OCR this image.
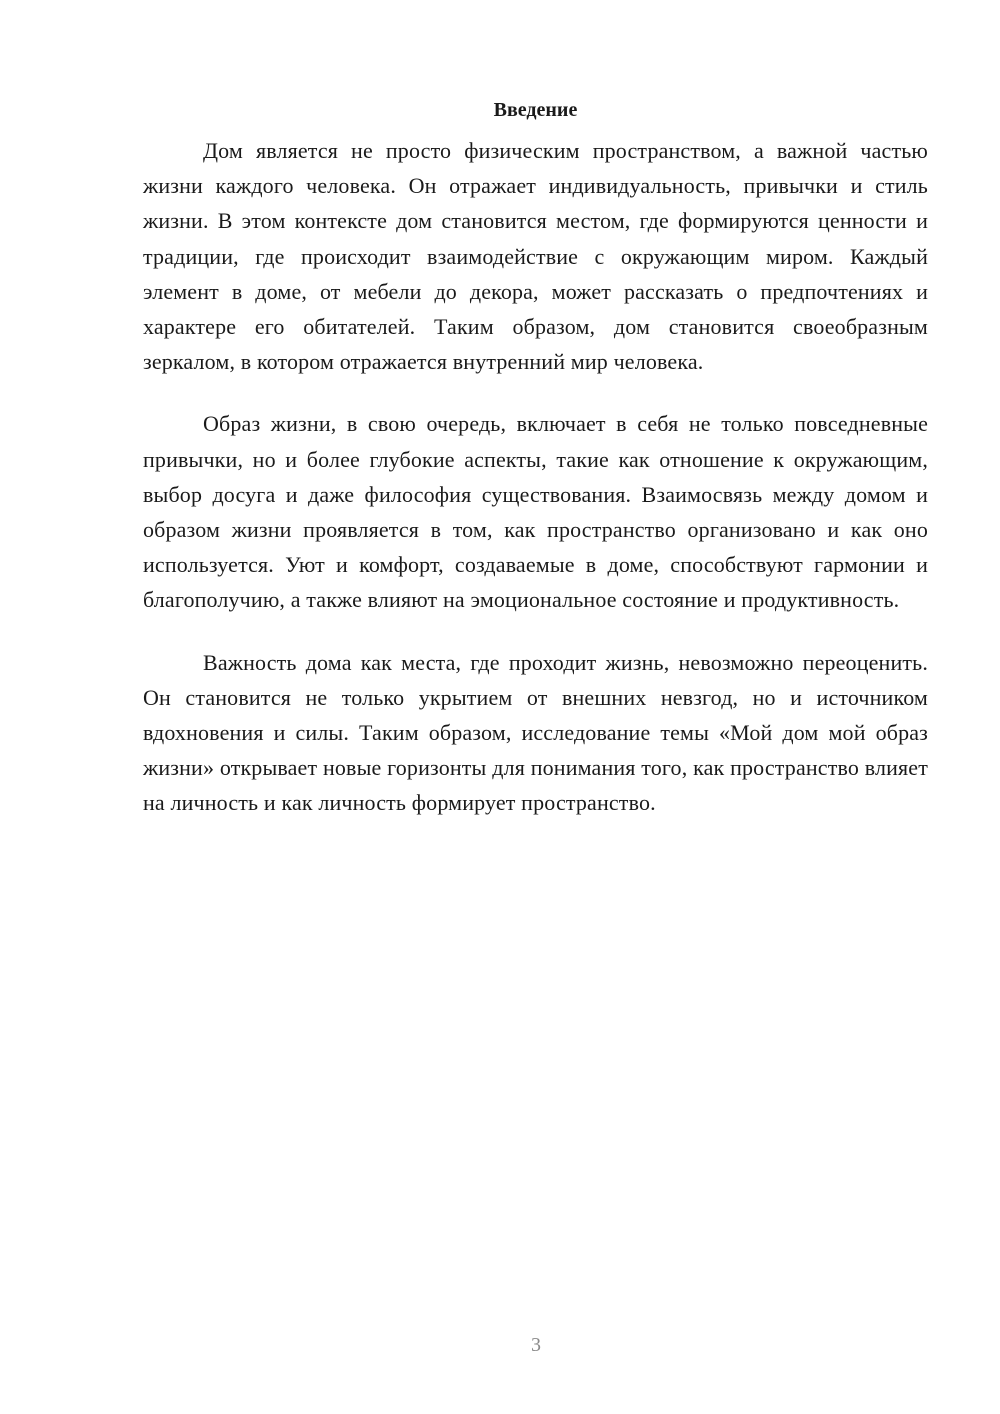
Введение

Дом является не просто физическим пространством, а важной частью жизни каждого человека. Он отражает индивидуальность, привычки и стиль жизни. В этом контексте дом становится местом, где формируются ценности и традиции, где происходит взаимодействие с окружающим миром. Каждый элемент в доме, от мебели до декора, может рассказать о предпочтениях и характере его обитателей. Таким образом, дом становится своеобразным зеркалом, в котором отражается внутренний мир человека.

Образ жизни, в свою очередь, включает в себя не только повседневные привычки, но и более глубокие аспекты, такие как отношение к окружающим, выбор досуга и даже философия существования. Взаимосвязь между домом и образом жизни проявляется в том, как пространство организовано и как оно используется. Уют и комфорт, создаваемые в доме, способствуют гармонии и благополучию, а также влияют на эмоциональное состояние и продуктивность.

Важность дома как места, где проходит жизнь, невозможно переоценить. Он становится не только укрытием от внешних невзгод, но и источником вдохновения и силы. Таким образом, исследование темы «Мой дом мой образ жизни» открывает новые горизонты для понимания того, как пространство влияет на личность и как личность формирует пространство.

3
